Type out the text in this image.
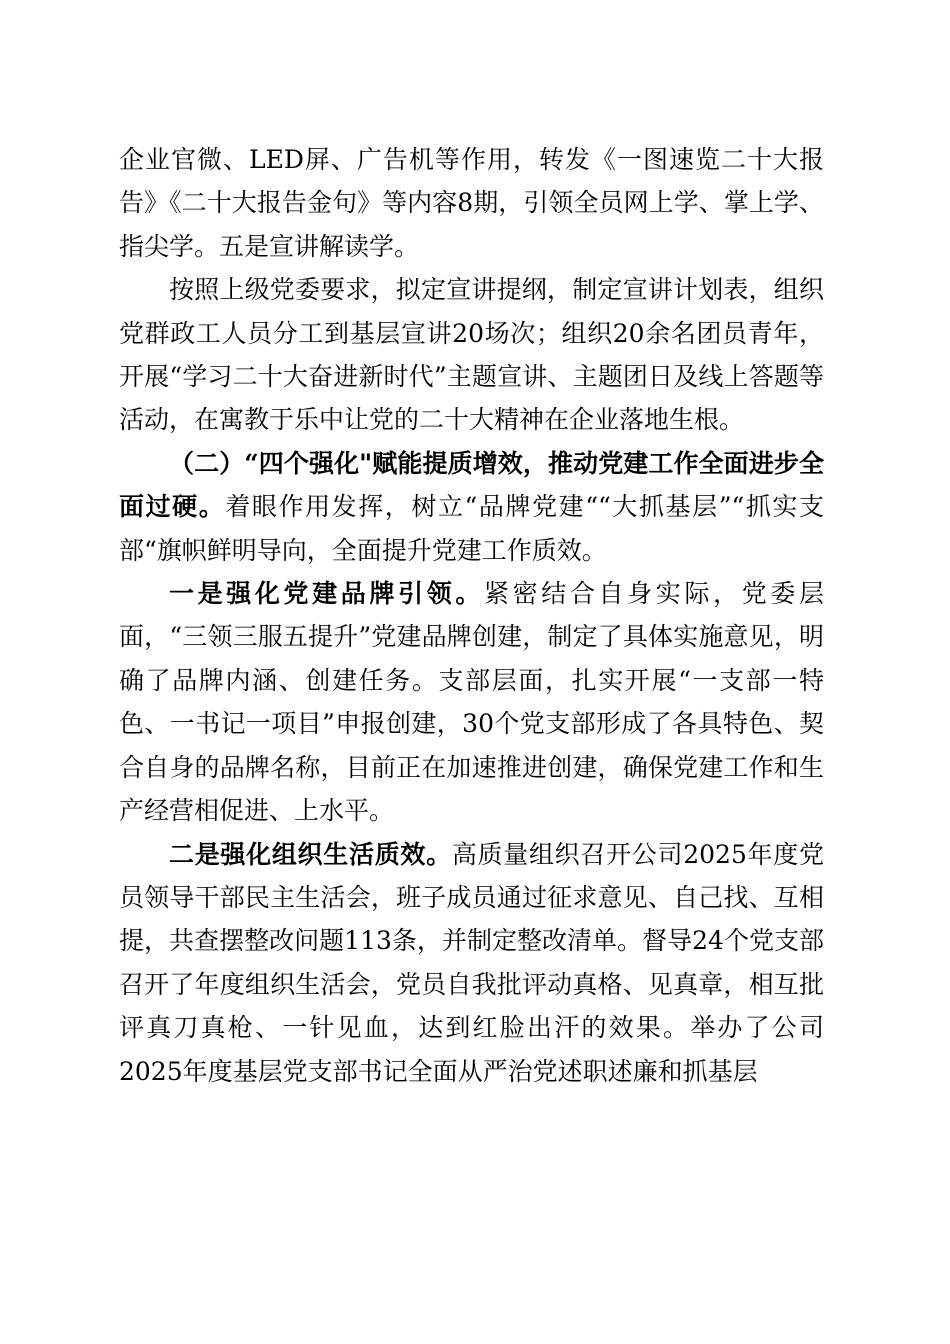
企业官微、LED屏、广告机等作用，转发《一图速览二十大报告》《二十大报告金句》等内容8期，引领全员网上学、掌上学、指尖学。五是宣讲解读学。

按照上级党委要求，拟定宣讲提纲，制定宣讲计划表，组织党群政工人员分工到基层宣讲20场次；组织20余名团员青年，开展“学习二十大奋进新时代”主题宣讲、主题团日及线上答题等活动，在寓教于乐中让党的二十大精神在企业落地生根。

（二）“四个强化"赋能提质增效，推动党建工作全面进步全面过硬。着眼作用发挥，树立“品牌党建““大抓基层”“抓实支部“旗帜鲜明导向，全面提升党建工作质效。

一是强化党建品牌引领。紧密结合自身实际，党委层面，“三领三服五提升”党建品牌创建，制定了具体实施意见，明确了品牌内涵、创建任务。支部层面，扎实开展“一支部一特色、一书记一项目”申报创建，30个党支部形成了各具特色、契合自身的品牌名称，目前正在加速推进创建，确保党建工作和生产经营相促进、上水平。

二是强化组织生活质效。高质量组织召开公司2025年度党员领导干部民主生活会，班子成员通过征求意见、自己找、互相提，共查摆整改问题113条，并制定整改清单。督导24个党支部召开了年度组织生活会，党员自我批评动真格、见真章，相互批评真刀真枪、一针见血，达到红脸出汗的效果。举办了公司2025年度基层党支部书记全面从严治党述职述廉和抓基层
